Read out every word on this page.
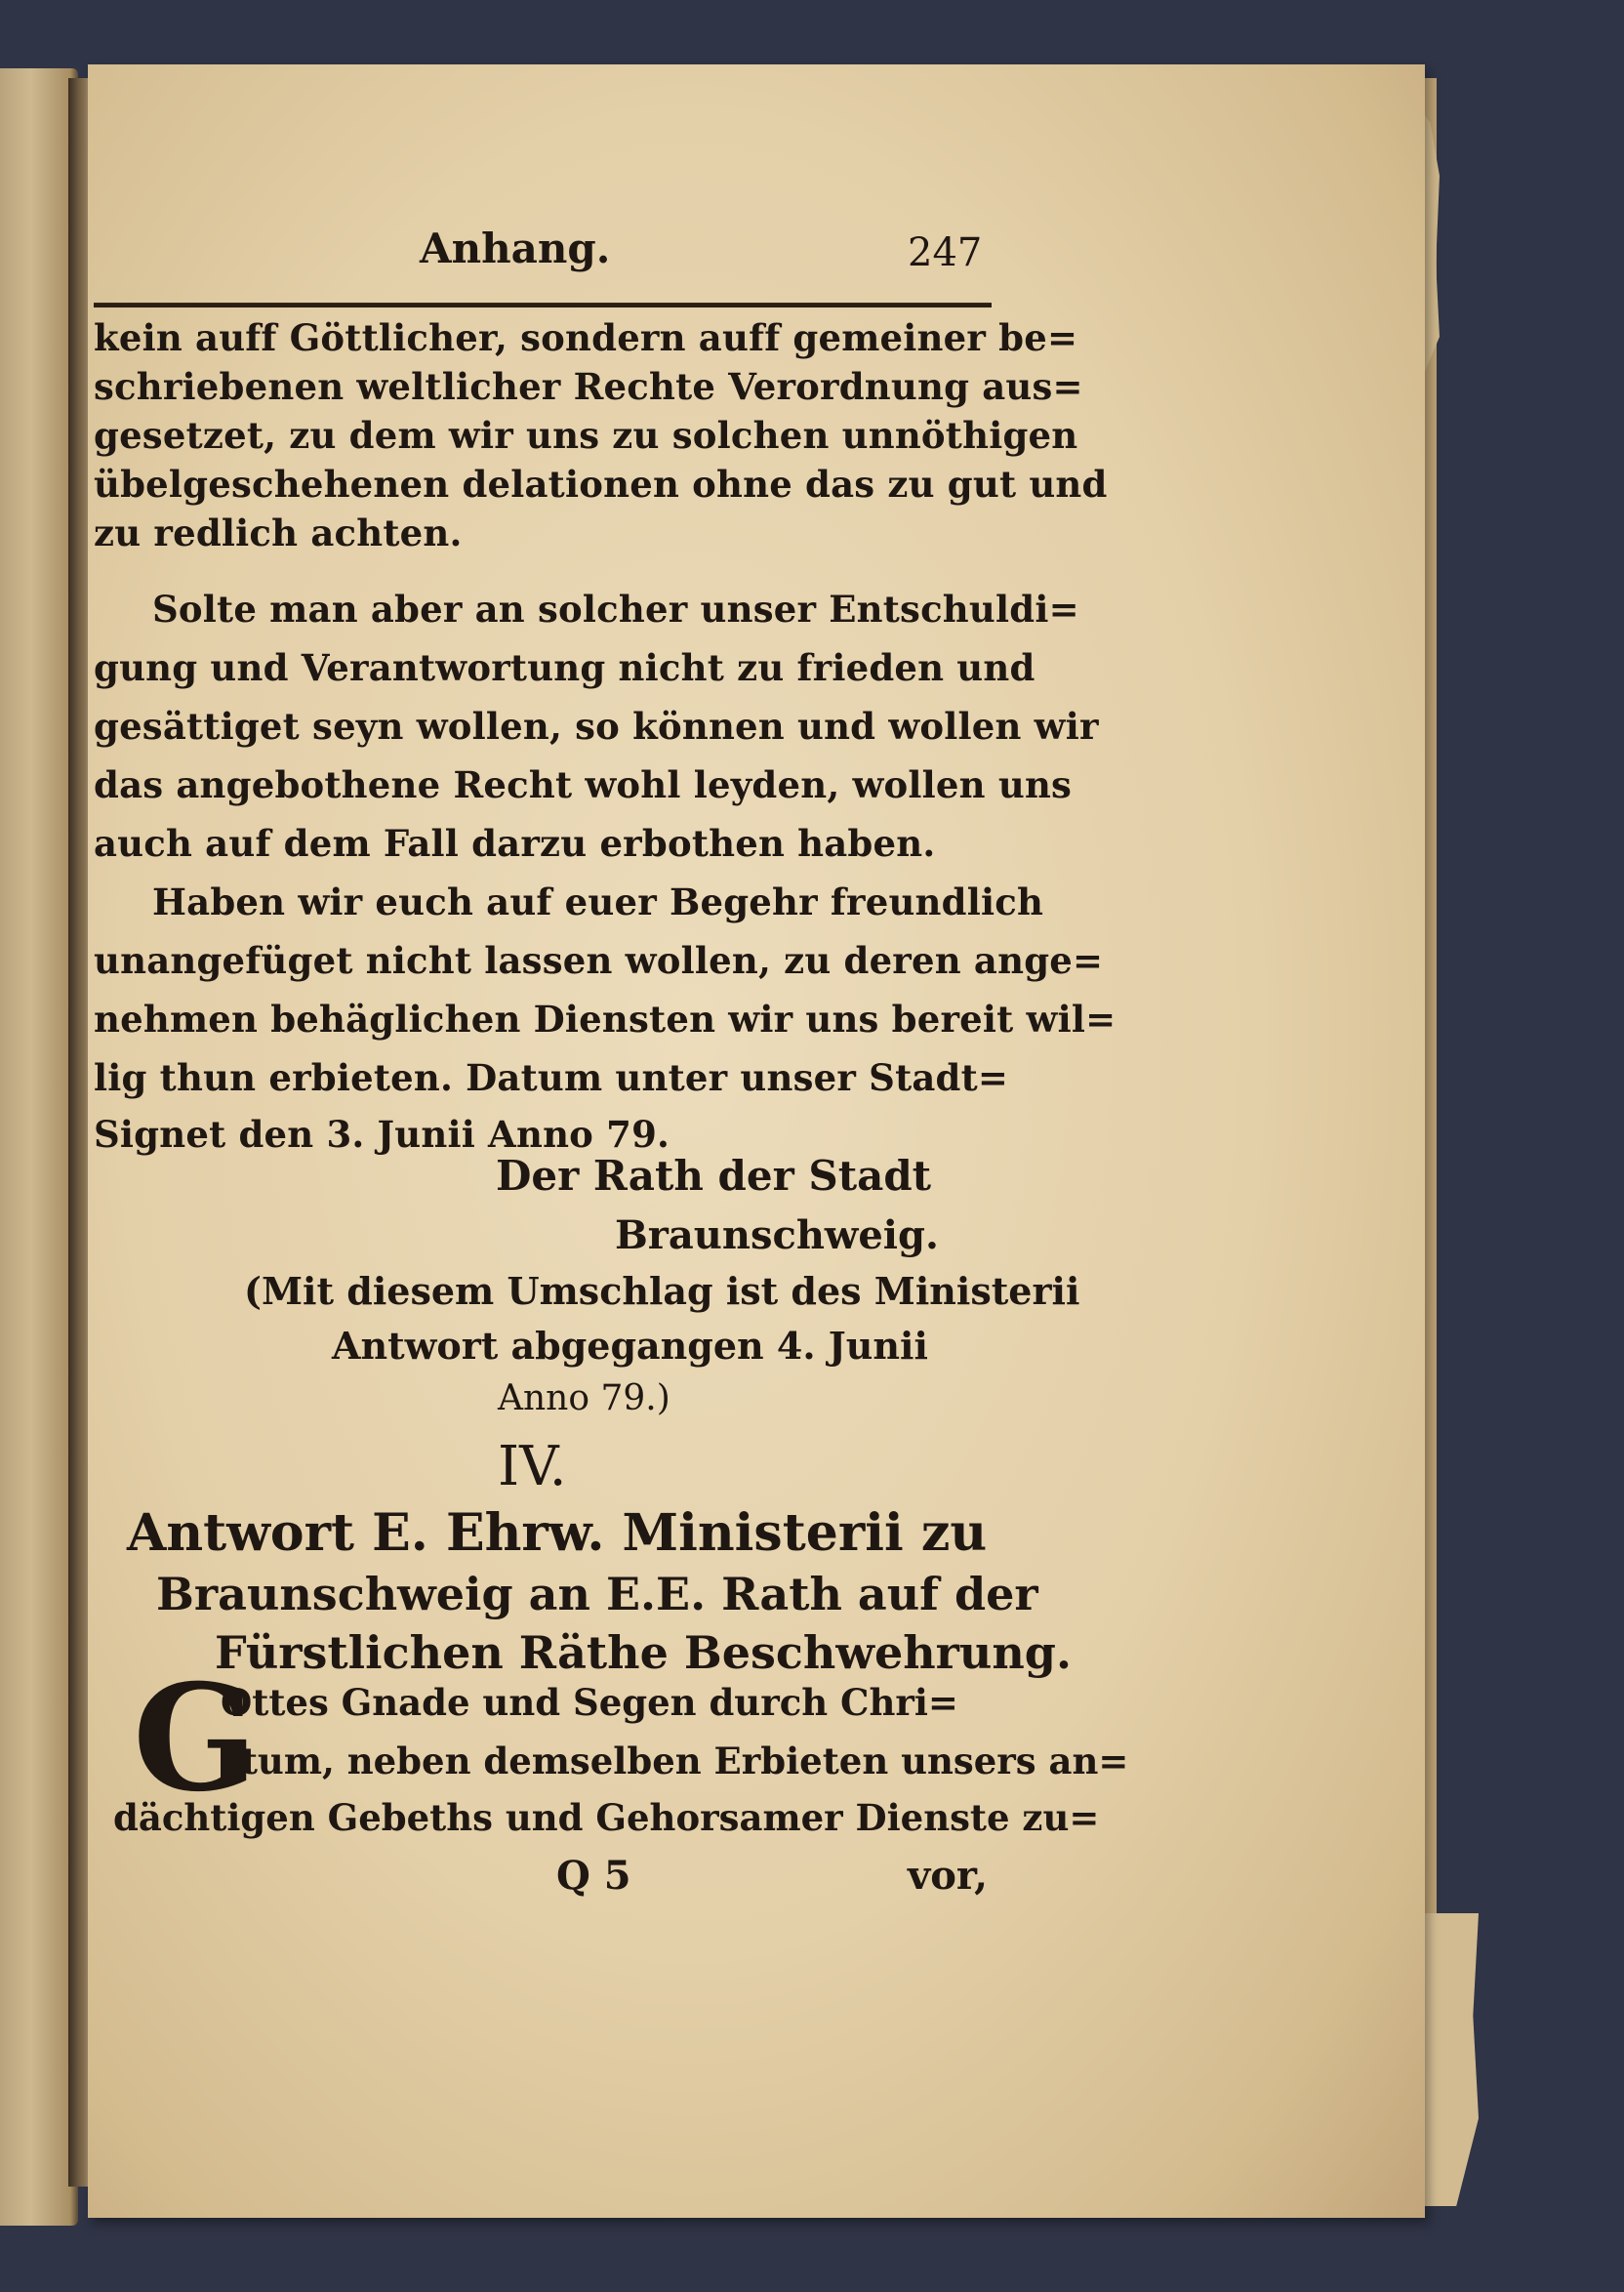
Anhang.	247
kein auff Göttlicher, sondern auff gemeiner be=
schriebenen weltlicher Rechte Verordnung aus=
gesetzet, zu dem wir uns zu solchen unnöthigen
übelgeschehenen delationen ohne das zu gut und
zu redlich achten.
Solte man aber an solcher unser Entschuldi=
gung und Verantwortung nicht zu frieden und
gesättiget seyn wollen, so können und wollen wir
das angebothene Recht wohl leyden, wollen uns
auch auf dem Fall darzu erbothen haben.
Haben wir euch auf euer Begehr freundlich
unangefüget nicht lassen wollen, zu deren ange=
nehmen behäglichen Diensten wir uns bereit wil=
lig thun erbieten. Datum unter unser Stadt=
Signet den 3. Junii Anno 79.
Der Rath der Stadt
Braunschweig.
(Mit diesem Umschlag ist des Ministerii
Antwort abgegangen 4. Junii
Anno 79.)
IV.
Antwort E. Ehrw. Ministerii zu
Braunschweig an E.E. Rath auf der
Fürstlichen Räthe Beschwehrung.
G
Ottes Gnade und Segen durch Chri=
stum, neben demselben Erbieten unsers an=
dächtigen Gebeths und Gehorsamer Dienste zu=
Q 5	vor,
